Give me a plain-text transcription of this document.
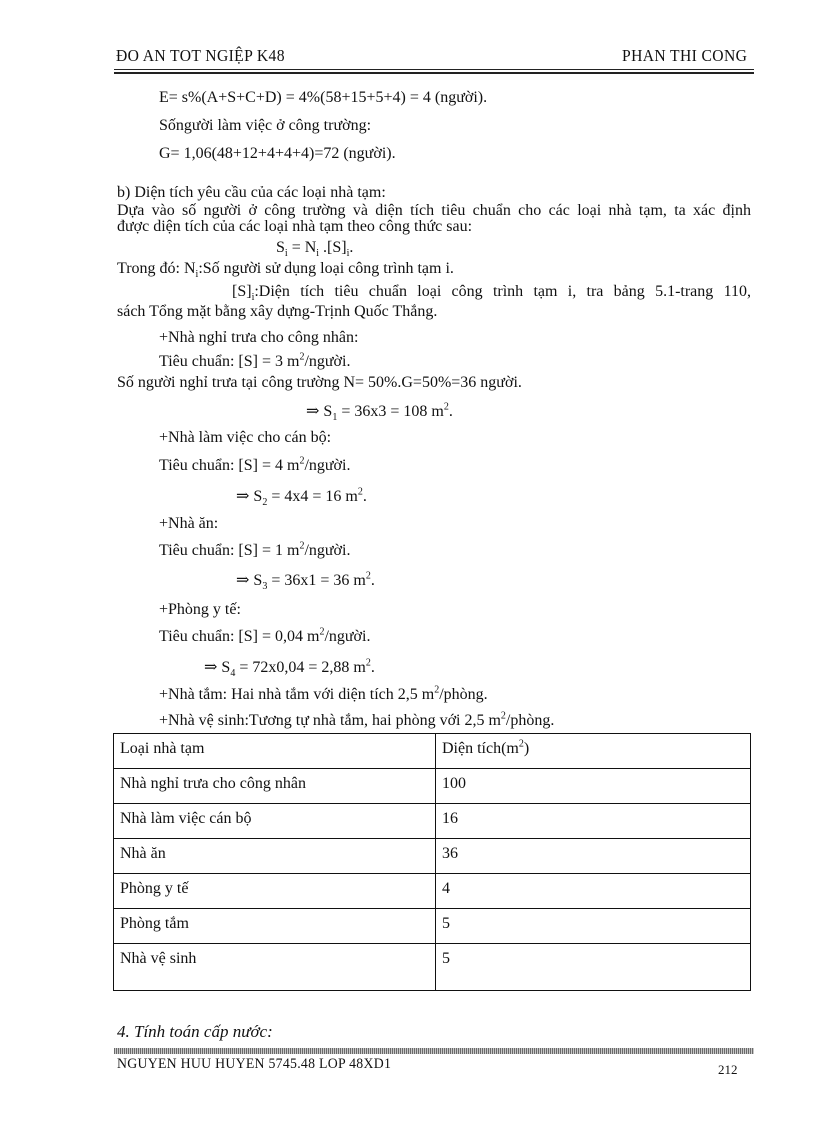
ĐO AN TOT NGIỆP K48	PHAN THI CONG
E= s%(A+S+C+D) = 4%(58+15+5+4) = 4 (người).
Sốngười làm việc ở công trường:
G= 1,06(48+12+4+4+4)=72 (người).
b) Diện tích yêu cầu của các loại nhà tạm:
Dựa vào số người ở công trường và diện tích tiêu chuẩn cho các loại nhà tạm, ta xác định
được diện tích của các loại nhà tạm theo công thức sau:
$S_i = N_i$ $.[S]_i$.
Trong đó: $N_i:Số$ người sử dụng loại công trình tạm i.
$[S]_i:Diện$ tích tiêu chuẩn loại công trình tạm i, tra bảng 5.1-trang 110,
sách Tổng mặt bằng xây dựng-Trịnh Quốc Thắng.
+Nhà nghỉ trưa cho công nhân:
Tiêu chuẩn: [S] = 3 $m^2$/người.
Số người nghỉ trưa tại công trường N= 50%.G=50%=36 người.
⇒ $S_1 = 36x3 = 108$ $m^2$.
+Nhà làm việc cho cán bộ:
Tiêu chuẩn: [S] = 4 $m^2$/người.
⇒ $S_2 = 4x4 = 16$ $m^2$.
+Nhà ăn:
Tiêu chuẩn: [S] = 1 $m^2$/người.
⇒ $S_3 = 36x1 = 36$ $m^2$.
+Phòng y tế:
Tiêu chuẩn: [S] = 0,04 $m^2$/người.
⇒ $S_4 = 72x0,04 = 2,88$ $m^2$.
+Nhà tắm: Hai nhà tắm với diện tích 2,5 $m^2$/phòng.
+Nhà vệ sinh:Tương tự nhà tắm, hai phòng với 2,5 $m^2$/phòng.
Loại nhà tạm	Diện $tích(m^2)$
Nhà nghỉ trưa cho công nhân	100
Nhà làm việc cán bộ	16
Nhà ăn	36
Phòng y tế	4
Phòng tắm	5
Nhà vệ sinh	5
4. Tính toán cấp nước:
NGUYEN HUU HUYEN 5745.48 LOP 48XD1	212
